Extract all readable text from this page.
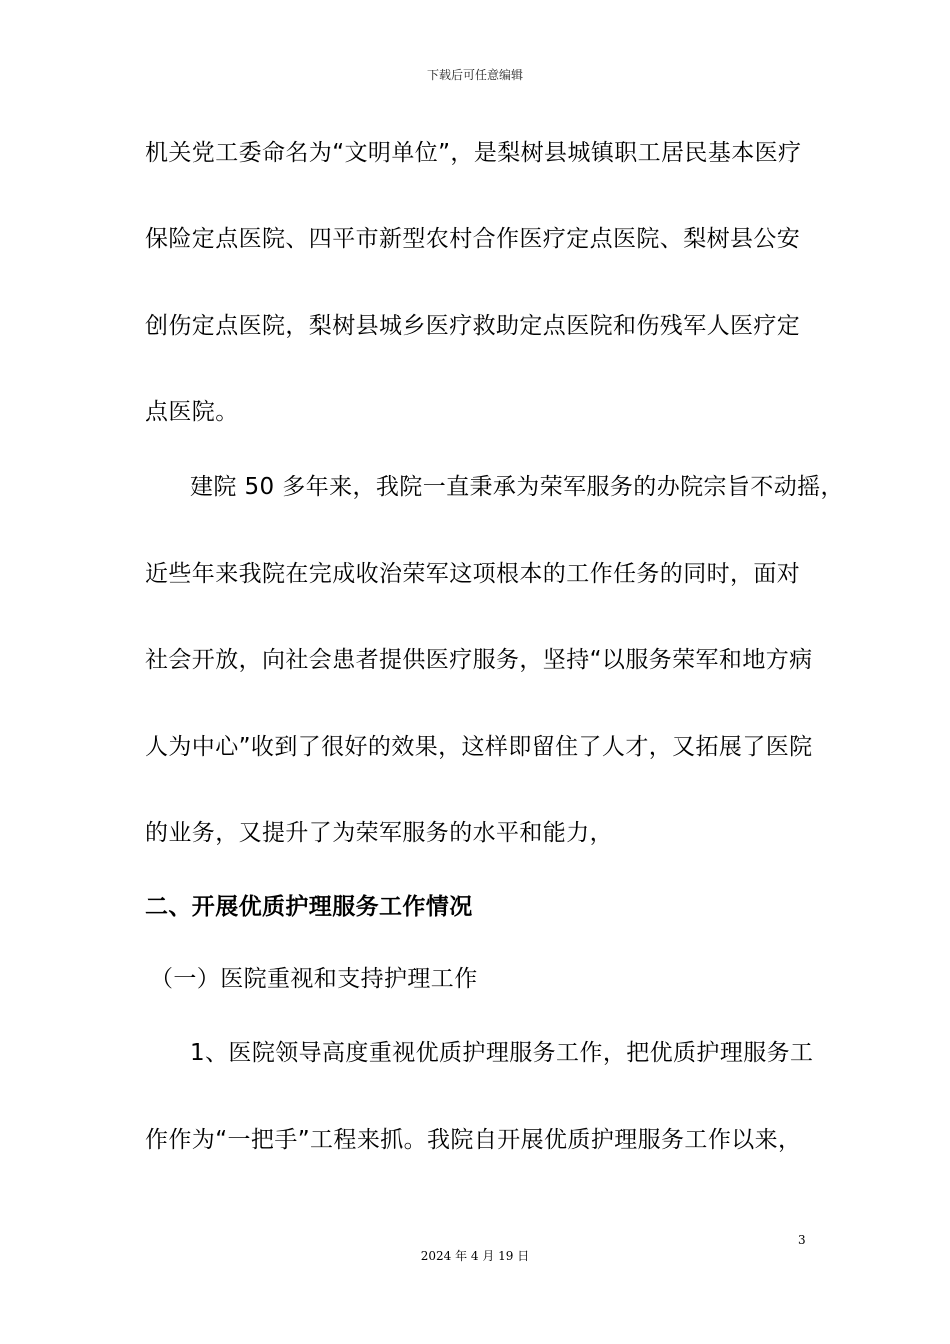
下载后可任意编辑
机关党工委命名为“文明单位”，是梨树县城镇职工居民基本医疗
保险定点医院、四平市新型农村合作医疗定点医院、梨树县公安
创伤定点医院，梨树县城乡医疗救助定点医院和伤残军人医疗定
点医院。
建院 50 多年来，我院一直秉承为荣军服务的办院宗旨不动摇，
近些年来我院在完成收治荣军这项根本的工作任务的同时，面对
社会开放，向社会患者提供医疗服务，坚持“以服务荣军和地方病
人为中心”收到了很好的效果，这样即留住了人才，又拓展了医院
的业务，又提升了为荣军服务的水平和能力，
二、开展优质护理服务工作情况
（一）医院重视和支持护理工作
1、医院领导高度重视优质护理服务工作，把优质护理服务工
作作为“一把手”工程来抓。我院自开展优质护理服务工作以来，
3
2024 年 4 月 19 日
